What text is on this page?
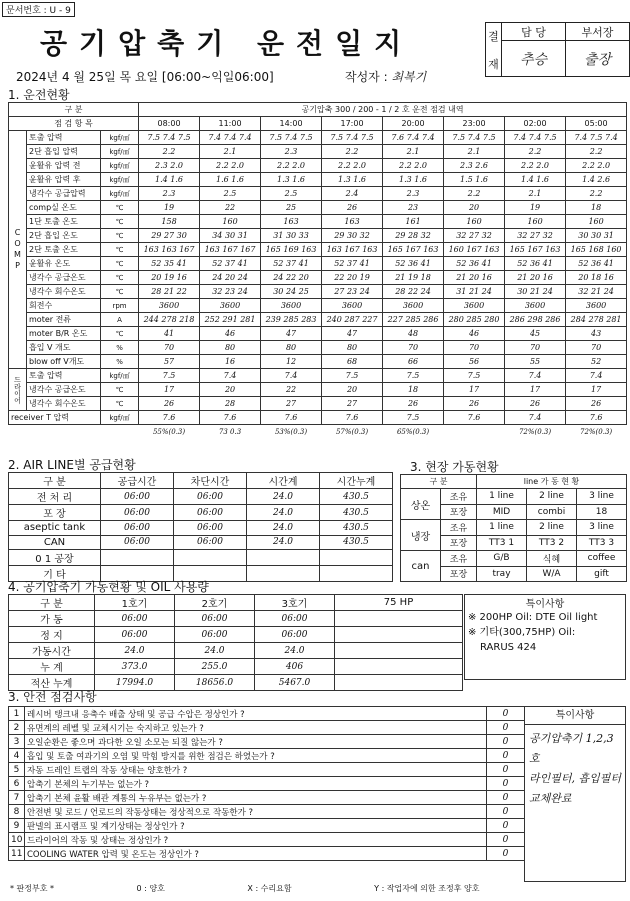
문서번호 : U - 9
공기압축기 운전일지	결
재	담 당	부서장
	추승	출장
2024년 4 월 25일 목 요일 [06:00~익일06:00]	작성자 : 최복기
1. 운전현황
구 분			공기압축 300 / 200 - 1 / 2 호 운전 점검 내역							
점 검 항 목			08:00	11:00	14:00	17:00	20:00	23:00	02:00	05:00
COMP	토출 압력	kgf/㎠	7.5 7.4 7.5	7.4 7.4 7.4	7.5 7.4 7.5	7.5 7.4 7.5	7.6 7.4 7.4	7.5 7.4 7.5	7.4 7.4 7.5	7.4 7.5 7.4
	2단 흡입 압력	kgf/㎠	2.2	2.1	2.3	2.2	2.1	2.1	2.2	2.2
	윤활유 압력 전	kgf/㎠	2.3 2.0	2.2 2.0	2.2 2.0	2.2 2.0	2.2 2.0	2.3 2.6	2.2 2.0	2.2 2.0
	윤활유 압력 후	kgf/㎠	1.4 1.6	1.6 1.6	1.3 1.6	1.3 1.6	1.3 1.6	1.5 1.6	1.4 1.6	1.4 2.6
	냉각수 공급압력	kgf/㎠	2.3	2.5	2.5	2.4	2.3	2.2	2.1	2.2
	comp실 온도	℃	19	22	25	26	23	20	19	18
	1단 토출 온도	℃	158	160	163	163	161	160	160	160
	2단 흡입 온도	℃	29 27 30	34 30 31	31 30 33	29 30 32	29 28 32	32 27 32	32 27 32	30 30 31
	2단 토출 온도	℃	163 163 167	163 167 167	165 169 163	163 167 163	165 167 163	160 167 163	165 167 163	165 168 160
	윤활유 온도	℃	52 35 41	52 37 41	52 37 41	52 37 41	52 36 41	52 36 41	52 36 41	52 36 41
	냉각수 공급온도	℃	20 19 16	24 20 24	24 22 20	22 20 19	21 19 18	21 20 16	21 20 16	20 18 16
	냉각수 회수온도	℃	28 21 22	32 23 24	30 24 25	27 23 24	28 22 24	31 21 24	30 21 24	32 21 24
	회전수	rpm	3600	3600	3600	3600	3600	3600	3600	3600
	moter 전류	A	244 278 218	252 291 281	239 285 283	240 287 227	227 285 286	280 285 280	286 298 286	284 278 281
	moter B/R 온도	℃	41	46	47	47	48	46	45	43
	흡입 V 개도	%	70	80	80	80	70	70	70	70
	blow off V개도	%	57	16	12	68	66	56	55	52
드라이어	토출 압력	kgf/㎠	7.5	7.4	7.4	7.5	7.5	7.5	7.4	7.4
	냉각수 공급온도	℃	17	20	22	20	18	17	17	17
	냉각수 회수온도	℃	26	28	27	27	26	26	26	26
receiver T 압력		kgf/㎠	7.6	7.6	7.6	7.6	7.5	7.6	7.4	7.6
			55%(0.3)	73 0.3	53%(0.3)	57%(0.3)	65%(0.3)		72%(0.3)	72%(0.3)
2. AIR LINE별 공급현황
구 분	공급시간	차단시간	시간계	시간누계
전 처 리	06:00	06:00	24.0	430.5
포 장	06:00	06:00	24.0	430.5
aseptic tank	06:00	06:00	24.0	430.5
CAN	06:00	06:00	24.0	430.5
0 1 공장				
기 타				
3. 현장 가동현황
구 분		line 가 동 현 황		
상온	조유	1 line	2 line	3 line
	포장	MID	combi	18
냉장	조유	1 line	2 line	3 line
	포장	TT3 1	TT3 2	TT3 3
can	조유	G/B	식혜	coffee
	포장	tray	W/A	gift
4. 공기압축기 가동현황 및 OIL 사용량
구 분	1호기	2호기	3호기	75 HP
가 동	06:00	06:00	06:00	
정 지	06:00	06:00	06:00	
가동시간	24.0	24.0	24.0	
누 계	373.0	255.0	406	
적산 누계	17994.0	18656.0	5467.0	
특이사항
※ 200HP Oil: DTE Oil light
※ 기타(300,75HP) Oil:
RARUS 424
3. 안전 점검사항
1	레시버 탱크내 응축수 배출 상태 및 공급 수압은 정상인가 ?	0
2	유면계의 레벨 및 교체시기는 숙지하고 있는가 ?	0
3	오일순환은 좋으며 과다한 오일 소모는 되질 않는가 ?	0
4	흡입 및 토출 여과기의 오염 및 막힘 방지를 위한 점검은 하였는가 ?	0
5	자동 드레인 트랩의 작동 상태는 양호한가 ?	0
6	압축기 본체의 누기부는 없는가 ?	0
7	압축기 본체 윤활 배관 계통의 누유부는 없는가 ?	0
8	안전변 및 로드 / 언로드의 작동상태는 정상적으로 작동한가 ?	0
9	판넬의 표시램프 및 계기상태는 정상인가 ?	0
10	드라이어의 작동 및 상태는 정상인가 ?	0
11	COOLING WATER 압력 및 온도는 정상인가 ?	0
특이사항
공기압축기 1,2,3호
라인필터, 흡입필터
교체완료
* 판정부호 *	0 : 양호	X : 수리요함	Y : 작업자에 의한 조정후 양호
